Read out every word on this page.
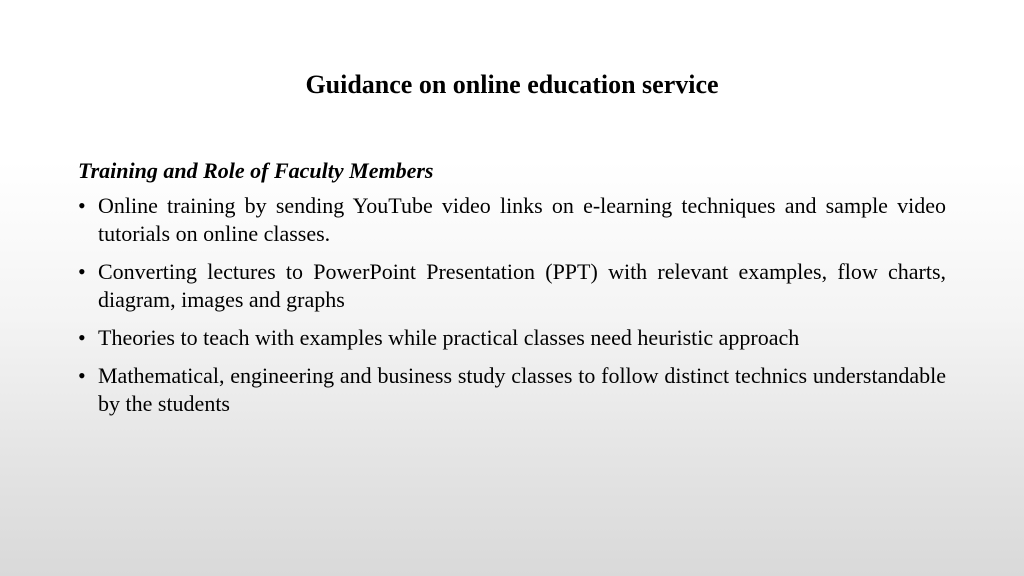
Guidance on online education service

Training and Role of Faculty Members

• Online training by sending YouTube video links on e-learning techniques and sample video tutorials on online classes.
• Converting lectures to PowerPoint Presentation (PPT) with relevant examples, flow charts, diagram, images and graphs
• Theories to teach with examples while practical classes need heuristic approach
• Mathematical, engineering and business study classes to follow distinct technics understandable by the students
